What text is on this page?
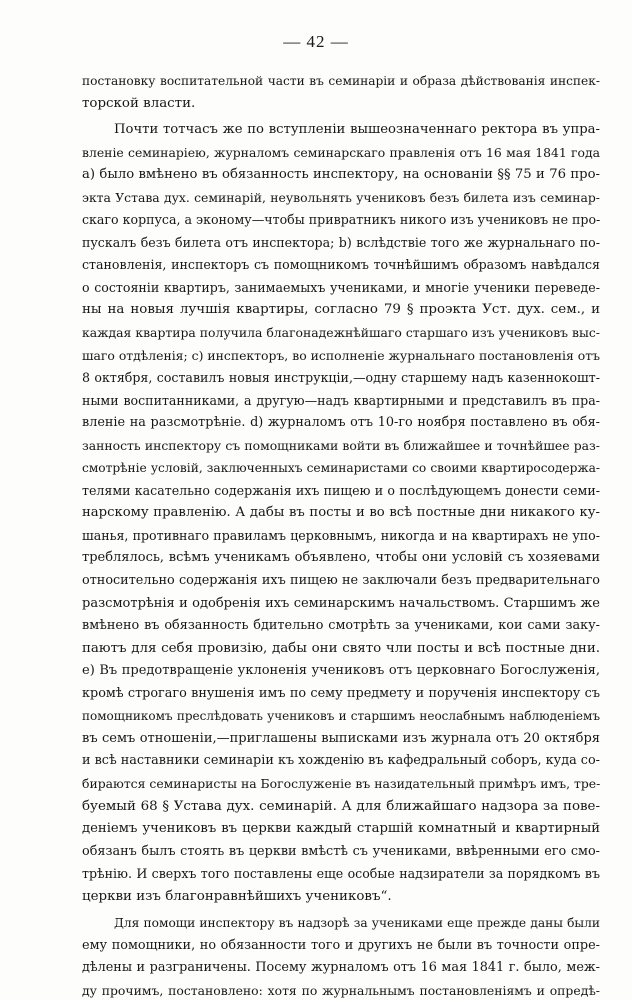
— 42 —

постановку воспитательной части въ семинаріи и образа дѣйствованія инспек-
торской власти.

Почти тотчасъ же по вступленіи вышеозначеннаго ректора въ упра-
вленіе семинаріею, журналомъ семинарскаго правленія отъ 16 мая 1841 года
a) было вмѣнено въ обязанность инспектору, на основаніи §§ 75 и 76 про-
экта Устава дух. семинарій, неувольнять учениковъ безъ билета изъ семинар-
скаго корпуса, а эконому—чтобы привратникъ никого изъ учениковъ не про-
пускалъ безъ билета отъ инспектора; b) вслѣдствіе того же журнальнаго по-
становленія, инспекторъ съ помощникомъ точнѣйшимъ образомъ навѣдался
о состояніи квартиръ, занимаемыхъ учениками, и многіе ученики переведе-
ны на новыя лучшія квартиры, согласно 79 § проэкта Уст. дух. сем., и
каждая квартира получила благонадежнѣйшаго старшаго изъ учениковъ выс-
шаго отдѣленія; c) инспекторъ, во исполненіе журнальнаго постановленія отъ
8 октября, составилъ новыя инструкціи,—одну старшему надъ казеннокошт-
ными воспитанниками, а другую—надъ квартирными и представилъ въ пра-
вленіе на разсмотрѣніе. d) журналомъ отъ 10-го ноября поставлено въ обя-
занность инспектору съ помощниками войти въ ближайшее и точнѣйшее раз-
смотрѣніе условій, заключенныхъ семинаристами со своими квартиросодержа-
телями касательно содержанія ихъ пищею и о послѣдующемъ донести семи-
нарскому правленію. А дабы въ посты и во всѣ постные дни никакого ку-
шанья, противнаго правиламъ церковнымъ, никогда и на квартирахъ не упо-
треблялось, всѣмъ ученикамъ объявлено, чтобы они условій съ хозяевами
относительно содержанія ихъ пищею не заключали безъ предварительнаго
разсмотрѣнія и одобренія ихъ семинарскимъ начальствомъ. Старшимъ же
вмѣнено въ обязанность бдительно смотрѣть за учениками, кои сами заку-
паютъ для себя провизію, дабы они свято чли посты и всѣ постные дни.
e) Въ предотвращеніе уклоненія учениковъ отъ церковнаго Богослуженія,
кромѣ строгаго внушенія имъ по сему предмету и порученія инспектору съ
помощникомъ преслѣдовать учениковъ и старшимъ неослабнымъ наблюденіемъ
въ семъ отношеніи,—приглашены выписками изъ журнала отъ 20 октября
и всѣ наставники семинаріи къ хожденію въ кафедральный соборъ, куда со-
бираются семинаристы на Богослуженіе въ назидательный примѣръ имъ, тре-
буемый 68 § Устава дух. семинарій. А для ближайшаго надзора за пове-
деніемъ учениковъ въ церкви каждый старшій комнатный и квартирный
обязанъ былъ стоять въ церкви вмѣстѣ съ учениками, ввѣренными его смо-
трѣнію. И сверхъ того поставлены еще особые надзиратели за порядкомъ въ
церкви изъ благонравнѣйшихъ учениковъ“.

Для помощи инспектору въ надзорѣ за учениками еще прежде даны были
ему помощники, но обязанности того и другихъ не были въ точности опре-
дѣлены и разграничены. Посему журналомъ отъ 16 мая 1841 г. было, меж-
ду прочимъ, постановлено: хотя по журнальнымъ постановленіямъ и опредѣ-
